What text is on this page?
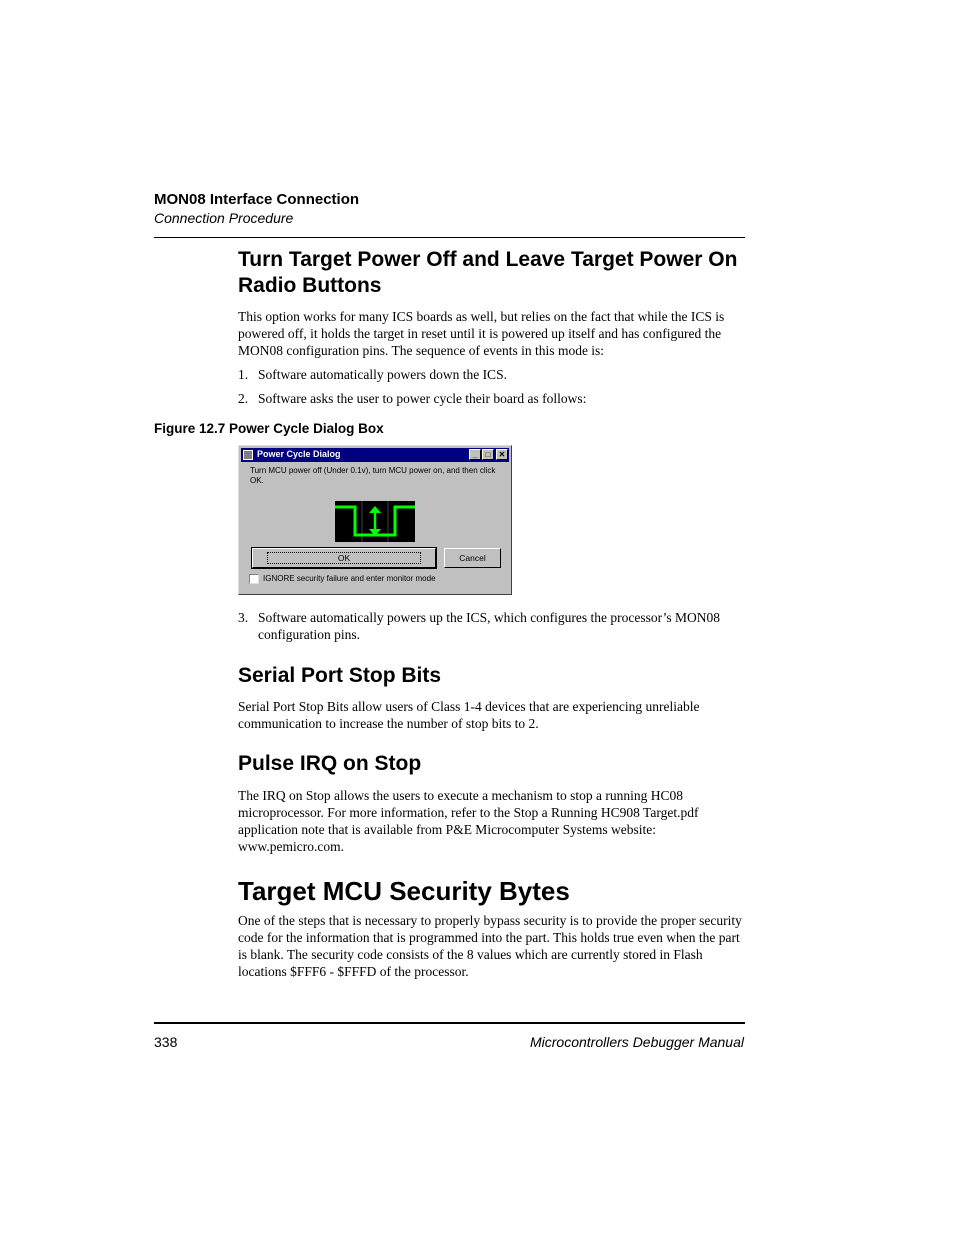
MON08 Interface Connection
Connection Procedure
Turn Target Power Off and Leave Target Power On Radio Buttons
This option works for many ICS boards as well, but relies on the fact that while the ICS is powered off, it holds the target in reset until it is powered up itself and has configured the MON08 configuration pins. The sequence of events in this mode is:
1. Software automatically powers down the ICS.
2. Software asks the user to power cycle their board as follows:
Figure 12.7 Power Cycle Dialog Box
Power Cycle Dialog	_	□	✕
Turn MCU power off (Under 0.1v), turn MCU power on, and then click OK.
OK	Cancel
IGNORE security failure and enter monitor mode
3. Software automatically powers up the ICS, which configures the processor’s MON08 configuration pins.
Serial Port Stop Bits
Serial Port Stop Bits allow users of Class 1-4 devices that are experiencing unreliable communication to increase the number of stop bits to 2.
Pulse IRQ on Stop
The IRQ on Stop allows the users to execute a mechanism to stop a running HC08 microprocessor. For more information, refer to the Stop a Running HC908 Target.pdf application note that is available from P&E Microcomputer Systems website: www.pemicro.com.
Target MCU Security Bytes
One of the steps that is necessary to properly bypass security is to provide the proper security code for the information that is programmed into the part. This holds true even when the part is blank. The security code consists of the 8 values which are currently stored in Flash locations $FFF6 - $FFFD of the processor.
338	Microcontrollers Debugger Manual
